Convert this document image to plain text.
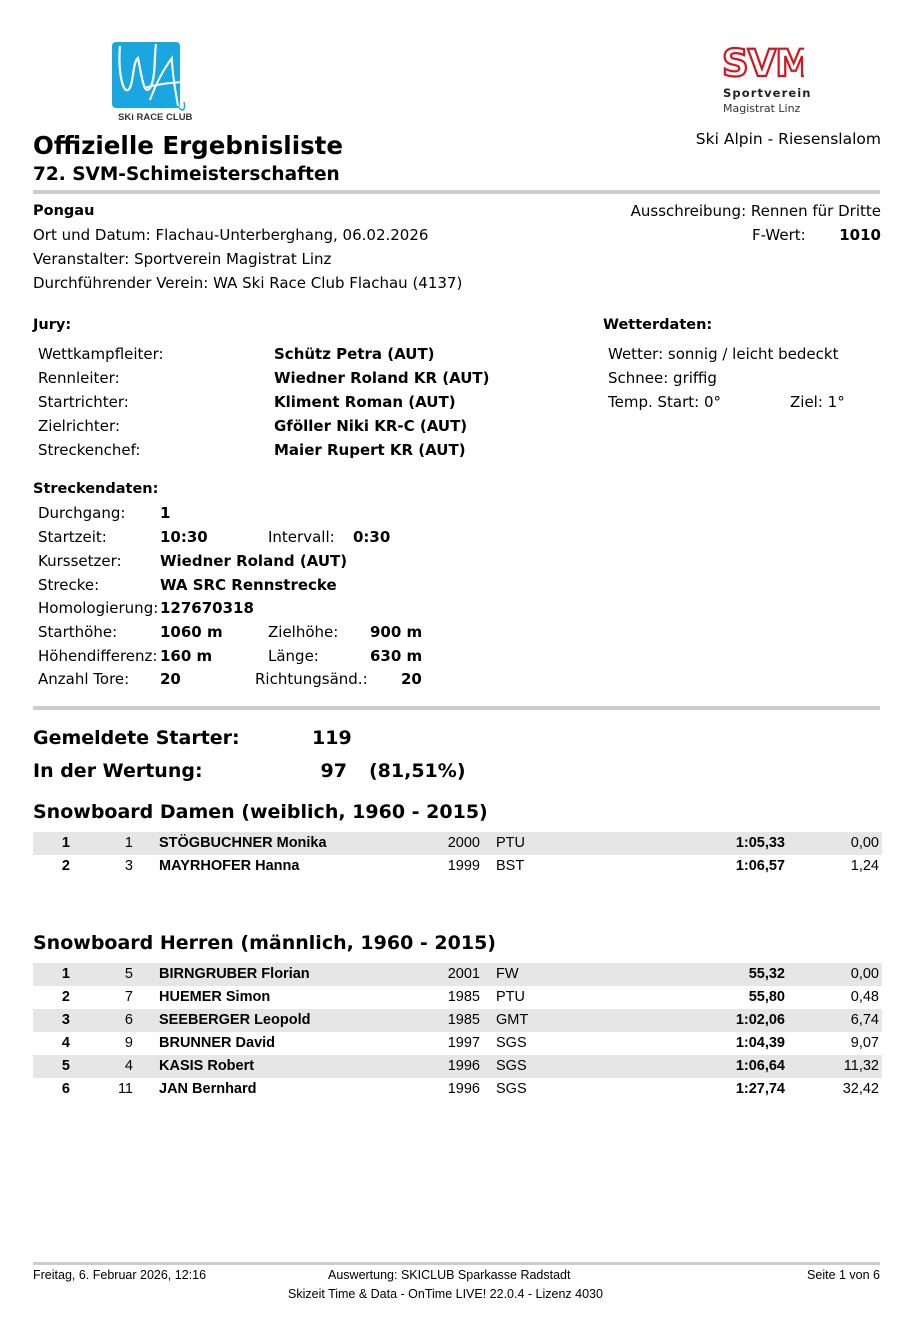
SKi RACE CLUB
SVM
Sportverein
Magistrat Linz
Ski Alpin - Riesenslalom
Offizielle Ergebnisliste
72. SVM-Schimeisterschaften
Pongau
Ort und Datum: Flachau-Unterberghang, 06.02.2026
Veranstalter: Sportverein Magistrat Linz
Durchführender Verein: WA Ski Race Club Flachau (4137)
Ausschreibung: Rennen für Dritte
F-Wert: 1010
Jury:
Wettkampfleiter:	Schütz Petra (AUT)
Rennleiter:	Wiedner Roland KR (AUT)
Startrichter:	Kliment Roman (AUT)
Zielrichter:	Gföller Niki KR-C (AUT)
Streckenchef:	Maier Rupert KR (AUT)
Wetterdaten:
Wetter: sonnig / leicht bedeckt
Schnee: griffig
Temp. Start: 0°	Ziel: 1°
Streckendaten:
Durchgang: 1
Startzeit:	10:30	Intervall: 0:30
Kurssetzer:	Wiedner Roland (AUT)
Strecke:	WA SRC Rennstrecke
Homologierung: 127670318
Starthöhe:	1060 m	Zielhöhe: 900 m
Höhendifferenz: 160 m	Länge:	630 m
Anzahl Tore: 20	Richtungsänd.: 20
Gemeldete Starter:	119
In der Wertung:	97 (81,51%)
Snowboard Damen (weiblich, 1960 - 2015)
1	1 STÖGBUCHNER Monika	2000 PTU	1:05,33	0,00
2	3 MAYRHOFER Hanna	1999 BST	1:06,57	1,24
Snowboard Herren (männlich, 1960 - 2015)
1	5 BIRNGRUBER Florian	2001 FW	55,32	0,00
2	7 HUEMER Simon	1985 PTU	55,80	0,48
3	6 SEEBERGER Leopold	1985 GMT	1:02,06	6,74
4	9 BRUNNER David	1997 SGS	1:04,39	9,07
5	4 KASIS Robert	1996 SGS	1:06,64	11,32
6	11 JAN Bernhard	1996 SGS	1:27,74	32,42
Freitag, 6. Februar 2026, 12:16	Auswertung: SKICLUB Sparkasse Radstadt	Seite 1 von 6
Skizeit Time & Data - OnTime LIVE! 22.0.4 - Lizenz 4030
